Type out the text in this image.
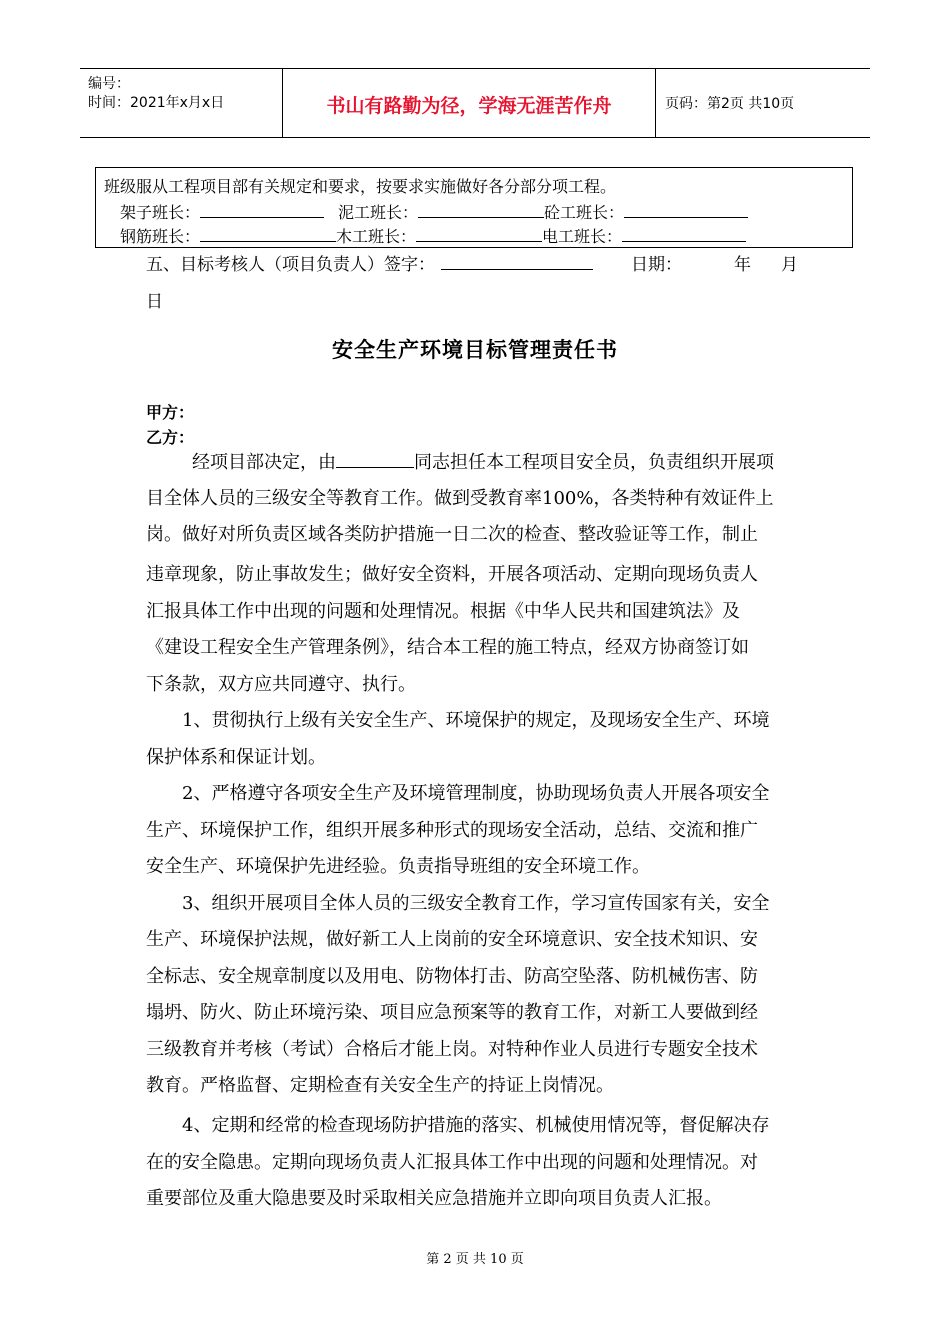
编号：
时间：2021年x月x日	书山有路勤为径，学海无涯苦作舟	页码：第2页 共10页
班级服从工程项目部有关规定和要求，按要求实施做好各分部分项工程。
架子班长：	泥工班长：	砼工班长：
钢筋班长：	木工班长：	电工班长：
五、目标考核人（项目负责人）签字：	日期：	年 月
日
安全生产环境目标管理责任书
甲方：
乙方：
经项目部决定，由	同志担任本工程项目安全员，负责组织开展项
目全体人员的三级安全等教育工作。做到受教育率100%，各类特种有效证件上
岗。做好对所负责区域各类防护措施一日二次的检查、整改验证等工作，制止
违章现象，防止事故发生；做好安全资料，开展各项活动、定期向现场负责人
汇报具体工作中出现的问题和处理情况。根据《中华人民共和国建筑法》及
《建设工程安全生产管理条例》，结合本工程的施工特点，经双方协商签订如
下条款，双方应共同遵守、执行。
1、贯彻执行上级有关安全生产、环境保护的规定，及现场安全生产、环境
保护体系和保证计划。
2、严格遵守各项安全生产及环境管理制度，协助现场负责人开展各项安全
生产、环境保护工作，组织开展多种形式的现场安全活动，总结、交流和推广
安全生产、环境保护先进经验。负责指导班组的安全环境工作。
3、组织开展项目全体人员的三级安全教育工作，学习宣传国家有关，安全
生产、环境保护法规，做好新工人上岗前的安全环境意识、安全技术知识、安
全标志、安全规章制度以及用电、防物体打击、防高空坠落、防机械伤害、防
塌坍、防火、防止环境污染、项目应急预案等的教育工作，对新工人要做到经
三级教育并考核（考试）合格后才能上岗。对特种作业人员进行专题安全技术
教育。严格监督、定期检查有关安全生产的持证上岗情况。
4、定期和经常的检查现场防护措施的落实、机械使用情况等，督促解决存
在的安全隐患。定期向现场负责人汇报具体工作中出现的问题和处理情况。对
重要部位及重大隐患要及时采取相关应急措施并立即向项目负责人汇报。
第 2 页 共 10 页
